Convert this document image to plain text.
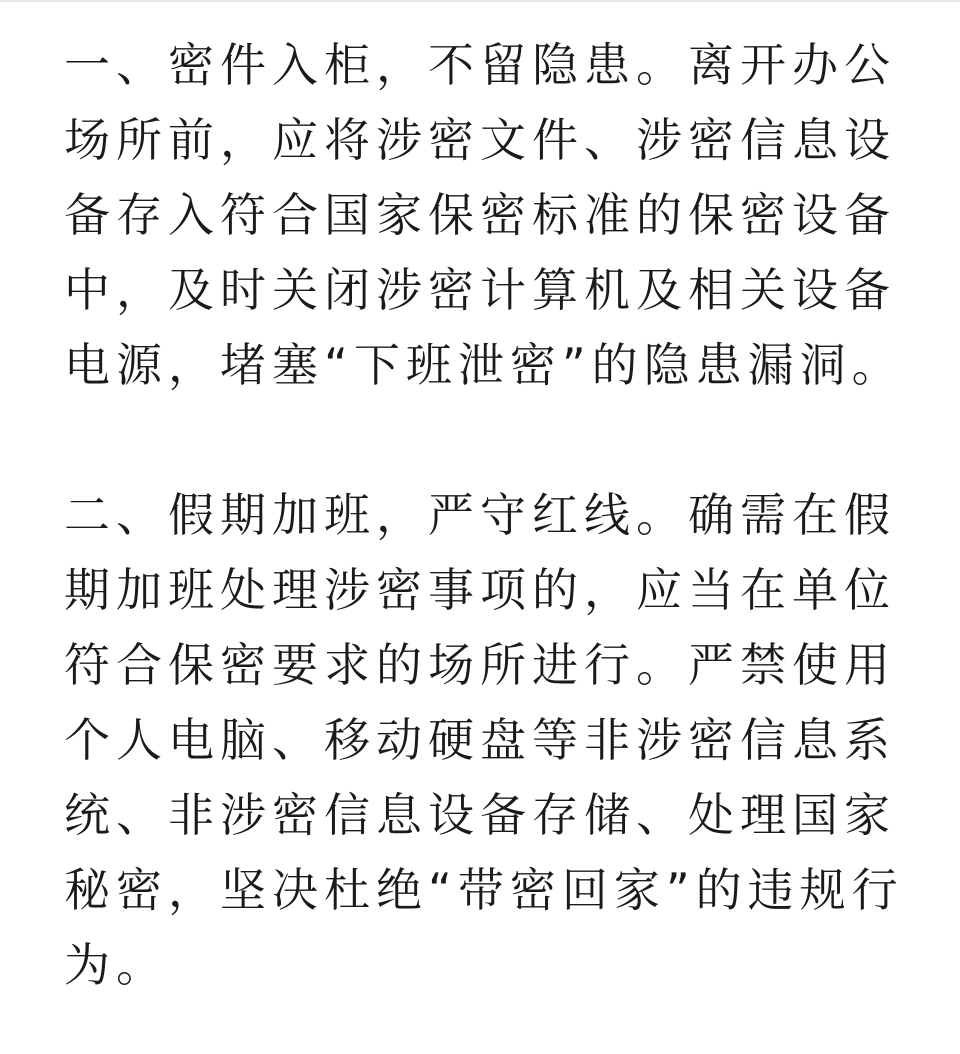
一、密件入柜，不留隐患。离开办公
场所前，应将涉密文件、涉密信息设
备存入符合国家保密标准的保密设备
中，及时关闭涉密计算机及相关设备
电源，堵塞“下班泄密”的隐患漏洞。

二、假期加班，严守红线。确需在假
期加班处理涉密事项的，应当在单位
符合保密要求的场所进行。严禁使用
个人电脑、移动硬盘等非涉密信息系
统、非涉密信息设备存储、处理国家
秘密，坚决杜绝“带密回家”的违规行
为。
